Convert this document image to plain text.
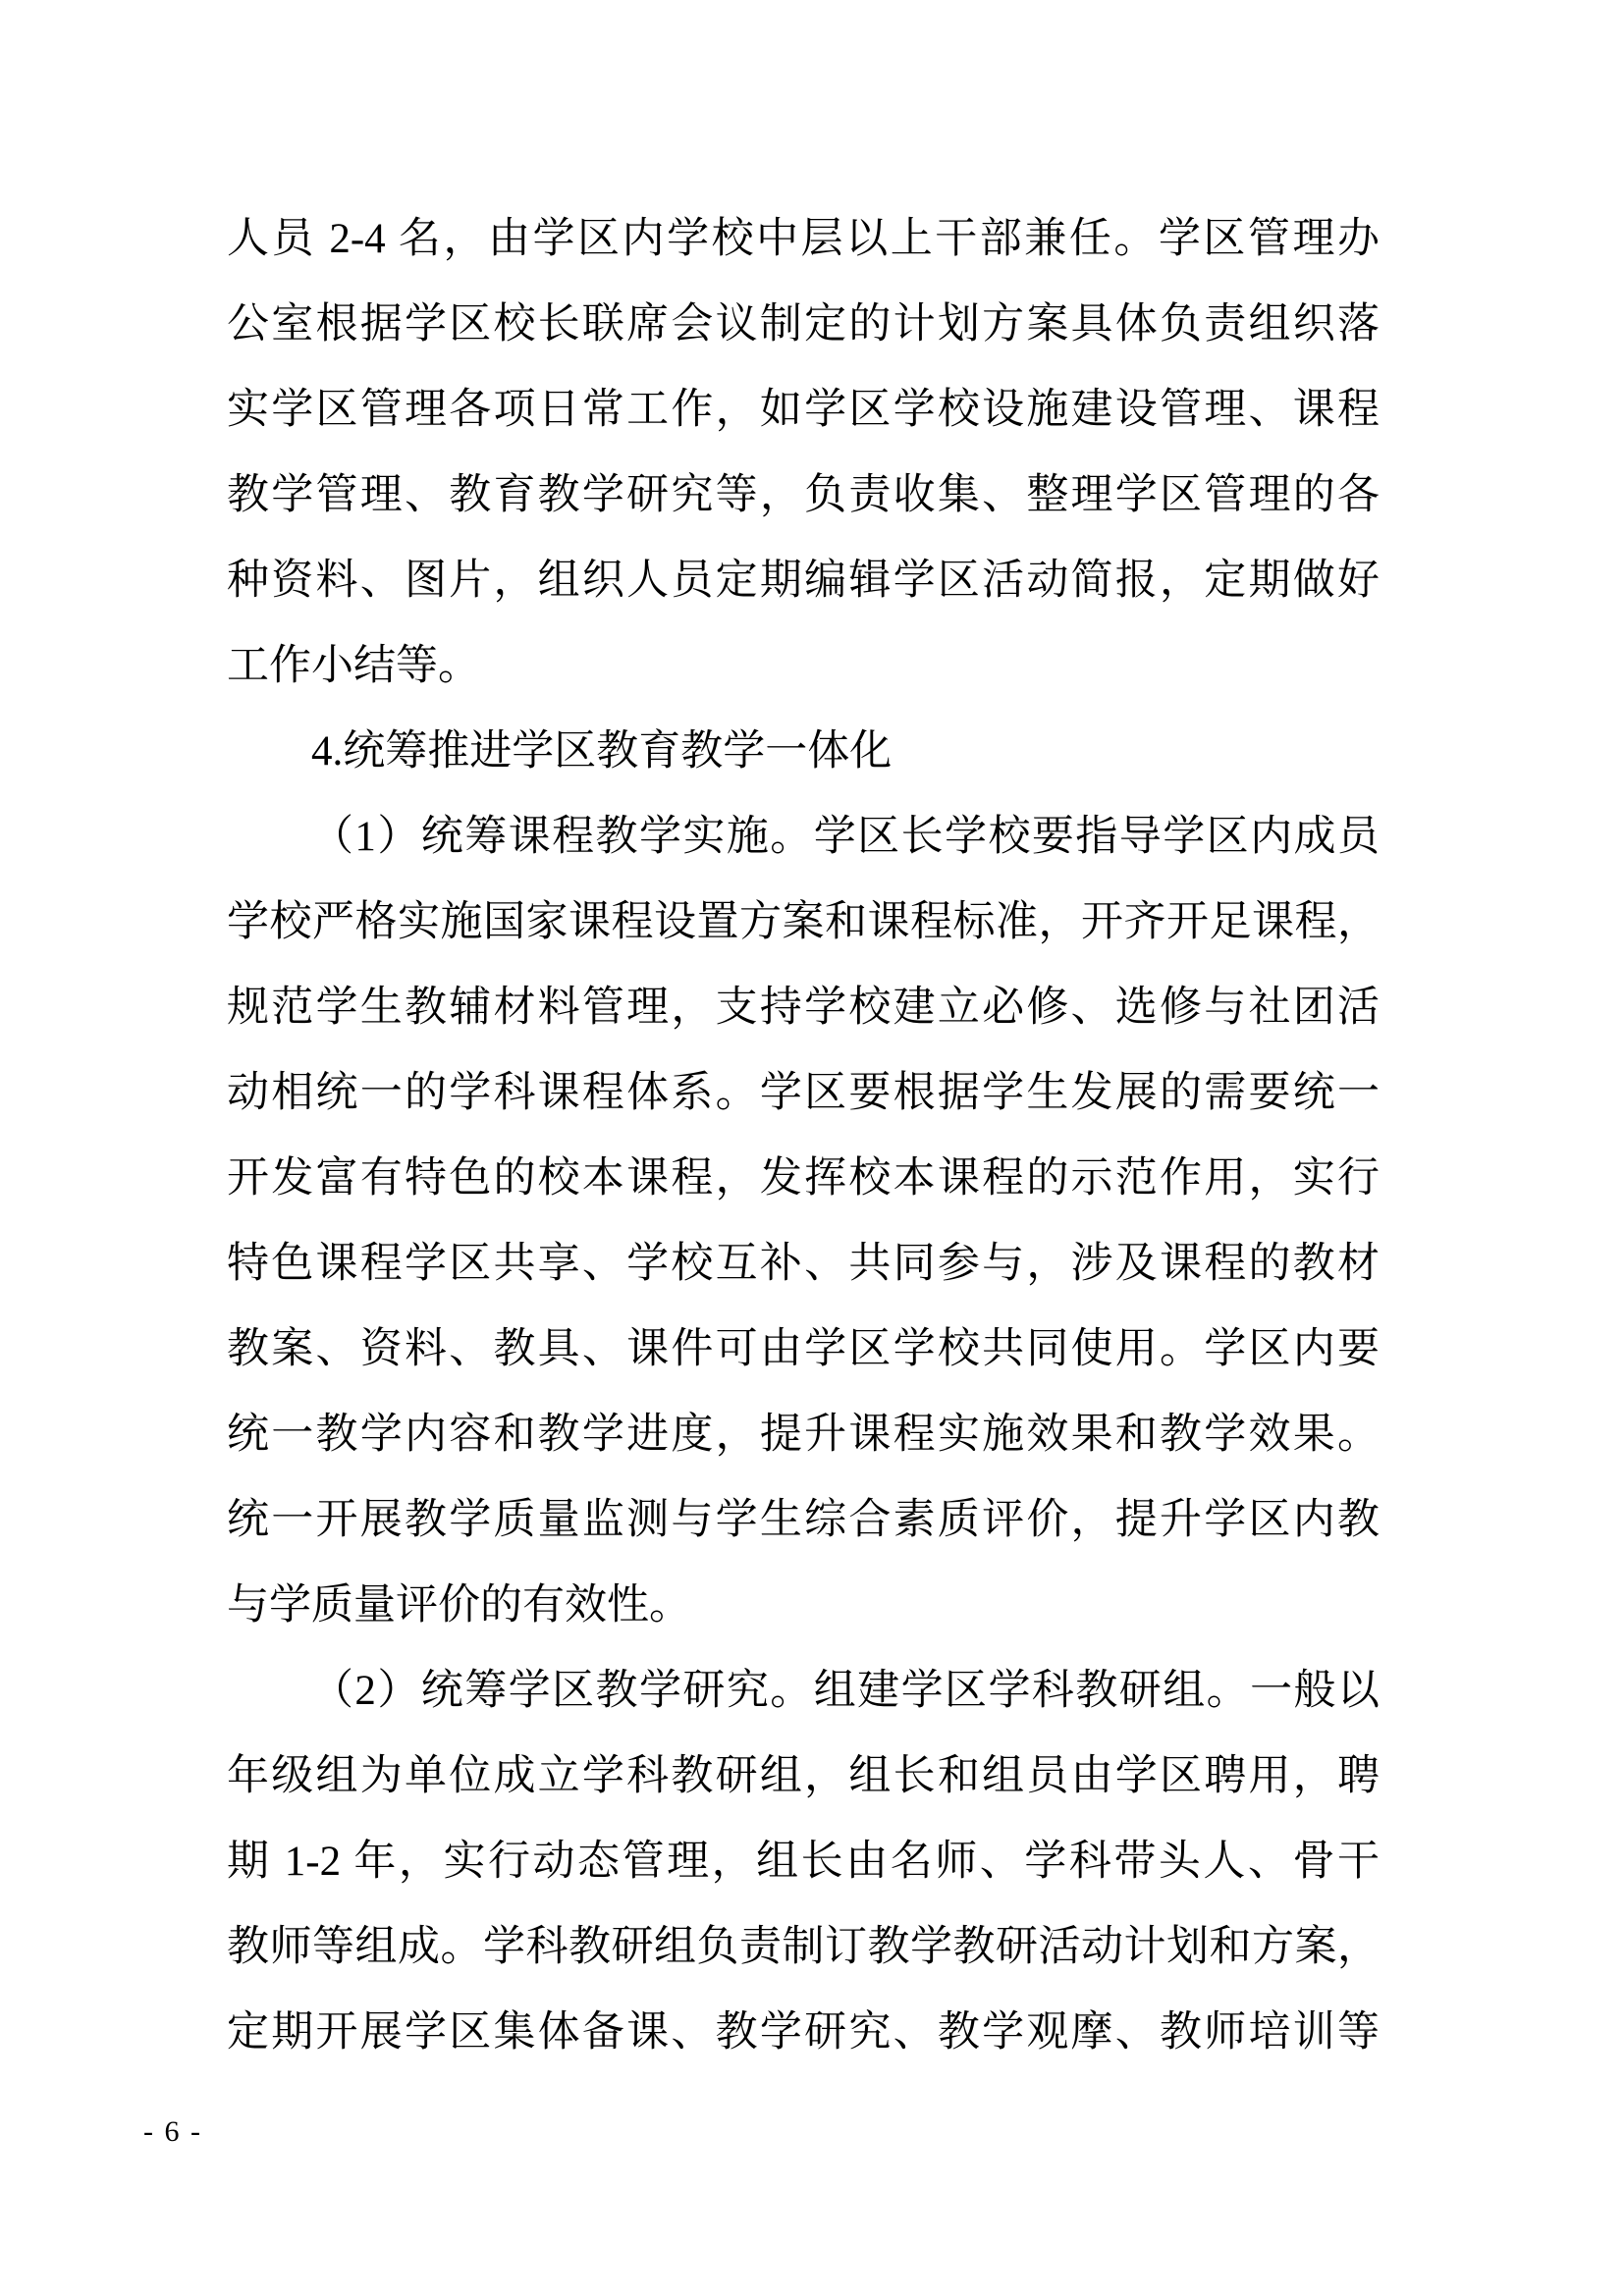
人员 2-4 名，由学区内学校中层以上干部兼任。学区管理办
公室根据学区校长联席会议制定的计划方案具体负责组织落
实学区管理各项日常工作，如学区学校设施建设管理、课程
教学管理、教育教学研究等，负责收集、整理学区管理的各
种资料、图片，组织人员定期编辑学区活动简报，定期做好
工作小结等。
4.统筹推进学区教育教学一体化
（1）统筹课程教学实施。学区长学校要指导学区内成员
学校严格实施国家课程设置方案和课程标准，开齐开足课程，
规范学生教辅材料管理，支持学校建立必修、选修与社团活
动相统一的学科课程体系。学区要根据学生发展的需要统一
开发富有特色的校本课程，发挥校本课程的示范作用，实行
特色课程学区共享、学校互补、共同参与，涉及课程的教材
教案、资料、教具、课件可由学区学校共同使用。学区内要
统一教学内容和教学进度，提升课程实施效果和教学效果。
统一开展教学质量监测与学生综合素质评价，提升学区内教
与学质量评价的有效性。
（2）统筹学区教学研究。组建学区学科教研组。一般以
年级组为单位成立学科教研组，组长和组员由学区聘用，聘
期 1-2 年，实行动态管理，组长由名师、学科带头人、骨干
教师等组成。学科教研组负责制订教学教研活动计划和方案，
定期开展学区集体备课、教学研究、教学观摩、教师培训等
- 6 -
